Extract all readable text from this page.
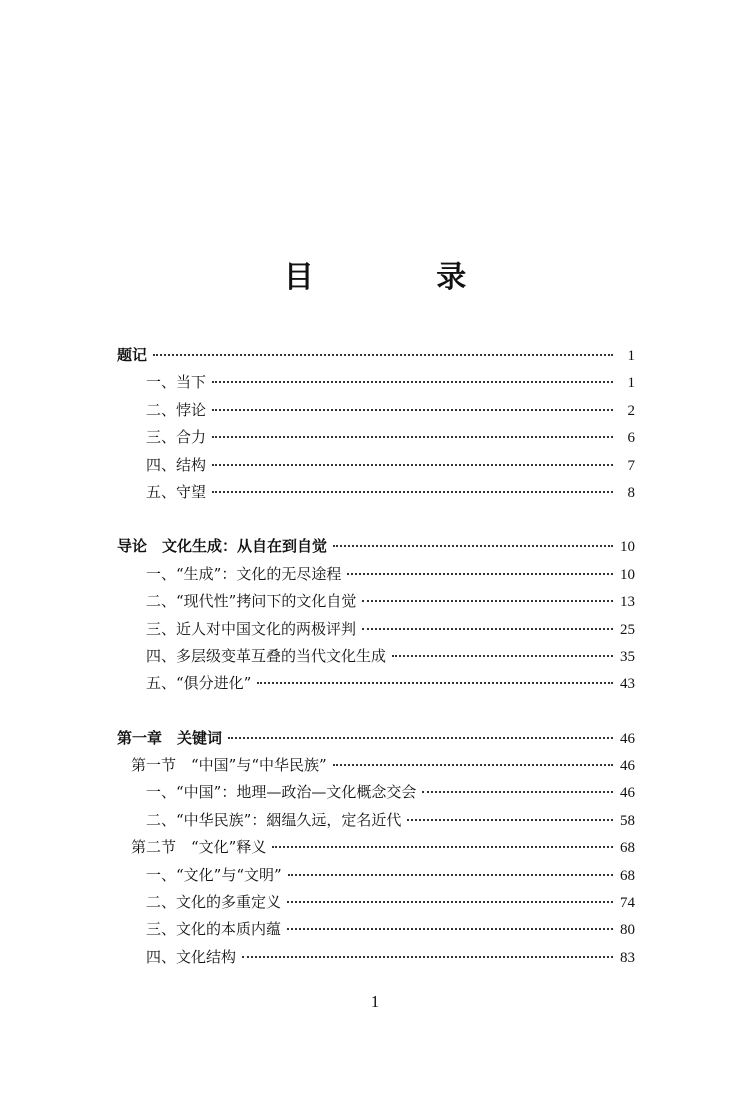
目 录
题记	1
一、当下	1
二、悖论	2
三、合力	6
四、结构	7
五、守望	8
导论　文化生成：从自在到自觉	10
一、“生成”：文化的无尽途程	10
二、“现代性”拷问下的文化自觉	13
三、近人对中国文化的两极评判	25
四、多层级变革互叠的当代文化生成	35
五、“俱分进化”	43
第一章　关键词	46
第一节　“中国”与“中华民族”	46
一、“中国”：地理—政治—文化概念交会	46
二、“中华民族”：絪缊久远，定名近代	58
第二节　“文化”释义	68
一、“文化”与“文明”	68
二、文化的多重定义	74
三、文化的本质内蕴	80
四、文化结构	83
1
